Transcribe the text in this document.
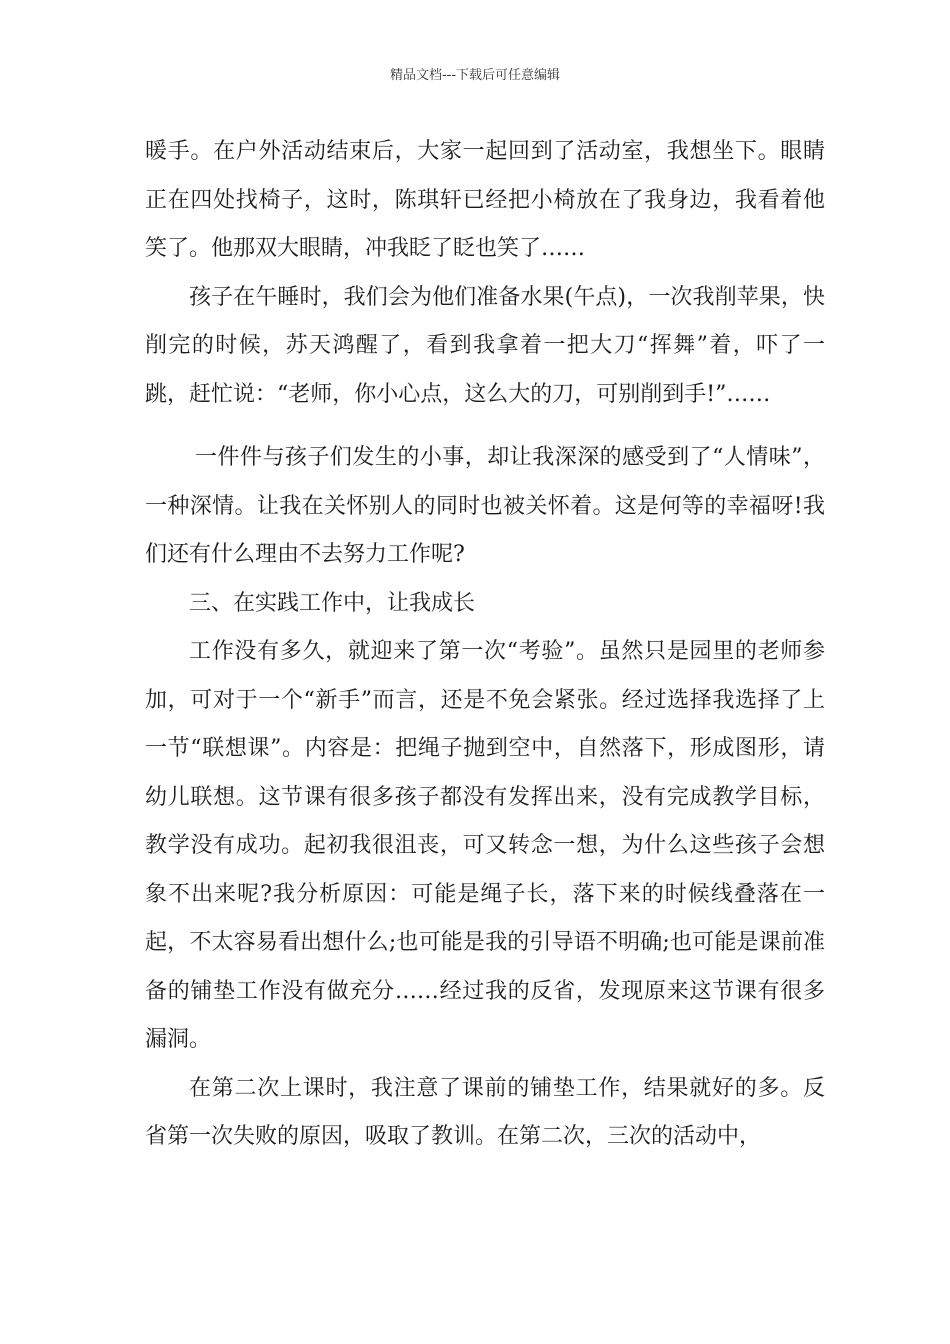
精品文档---下载后可任意编辑

暖手。在户外活动结束后，大家一起回到了活动室，我想坐下。眼睛正在四处找椅子，这时，陈琪轩已经把小椅放在了我身边，我看着他笑了。他那双大眼睛，冲我眨了眨也笑了……

孩子在午睡时，我们会为他们准备水果(午点)，一次我削苹果，快削完的时候，苏天鸿醒了，看到我拿着一把大刀“挥舞”着，吓了一跳，赶忙说：“老师，你小心点，这么大的刀，可别削到手!”……

一件件与孩子们发生的小事，却让我深深的感受到了“人情味”，一种深情。让我在关怀别人的同时也被关怀着。这是何等的幸福呀!我们还有什么理由不去努力工作呢?

三、在实践工作中，让我成长

工作没有多久，就迎来了第一次“考验”。虽然只是园里的老师参加，可对于一个“新手”而言，还是不免会紧张。经过选择我选择了上一节“联想课”。内容是：把绳子抛到空中，自然落下，形成图形，请幼儿联想。这节课有很多孩子都没有发挥出来，没有完成教学目标，教学没有成功。起初我很沮丧，可又转念一想，为什么这些孩子会想象不出来呢?我分析原因：可能是绳子长，落下来的时候线叠落在一起，不太容易看出想什么;也可能是我的引导语不明确;也可能是课前准备的铺垫工作没有做充分……经过我的反省，发现原来这节课有很多漏洞。

在第二次上课时，我注意了课前的铺垫工作，结果就好的多。反省第一次失败的原因，吸取了教训。在第二次，三次的活动中，
